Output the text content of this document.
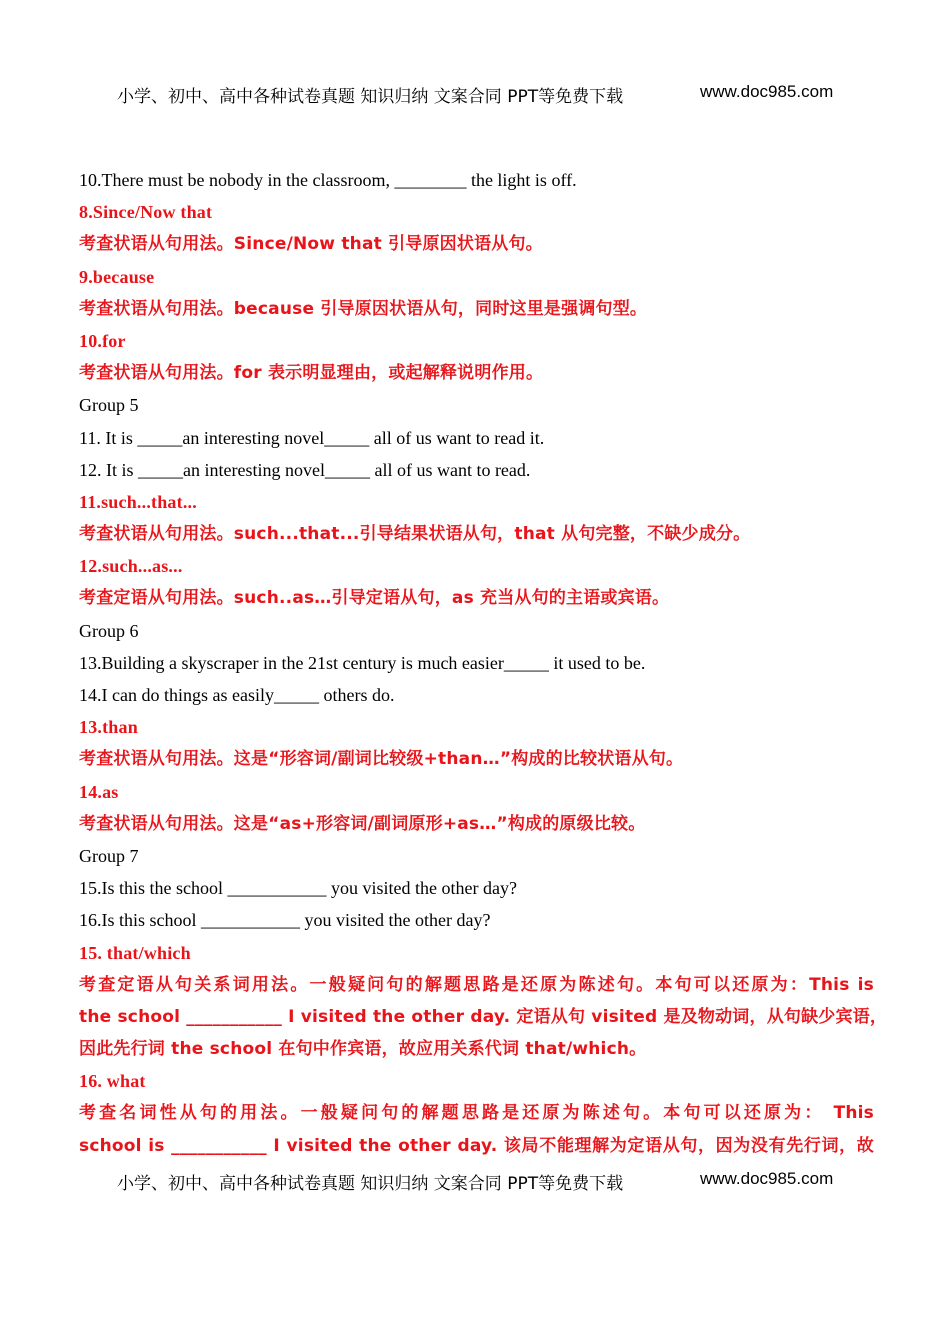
小学、初中、高中各种试卷真题 知识归纳 文案合同 PPT等免费下载	www.doc985.com
10.There must be nobody in the classroom, ________ the light is off.
8.Since/Now that
考查状语从句用法。Since/Now that 引导原因状语从句。
9.because
考查状语从句用法。because 引导原因状语从句，同时这里是强调句型。
10.for
考查状语从句用法。for 表示明显理由，或起解释说明作用。
Group 5
11. It is _____an interesting novel_____ all of us want to read it.
12. It is _____an interesting novel_____ all of us want to read.
11.such...that...
考查状语从句用法。such...that...引导结果状语从句，that 从句完整，不缺少成分。
12.such...as...
考查定语从句用法。such..as…引导定语从句，as 充当从句的主语或宾语。
Group 6
13.Building a skyscraper in the 21st century is much easier_____ it used to be.
14.I can do things as easily_____ others do.
13.than
考查状语从句用法。这是“形容词/副词比较级+than…”构成的比较状语从句。
14.as
考查状语从句用法。这是“as+形容词/副词原形+as…”构成的原级比较。
Group 7
15.Is this the school ___________ you visited the other day?
16.Is this school ___________ you visited the other day?
15. that/which
考查定语从句关系词用法。一般疑问句的解题思路是还原为陈述句。本句可以还原为：This is
the school ___________ I visited the other day. 定语从句 visited 是及物动词，从句缺少宾语，
因此先行词 the school 在句中作宾语，故应用关系代词 that/which。
16. what
考查名词性从句的用法。一般疑问句的解题思路是还原为陈述句。本句可以还原为： This
school is ___________ I visited the other day. 该局不能理解为定语从句，因为没有先行词，故
小学、初中、高中各种试卷真题 知识归纳 文案合同 PPT等免费下载	www.doc985.com
